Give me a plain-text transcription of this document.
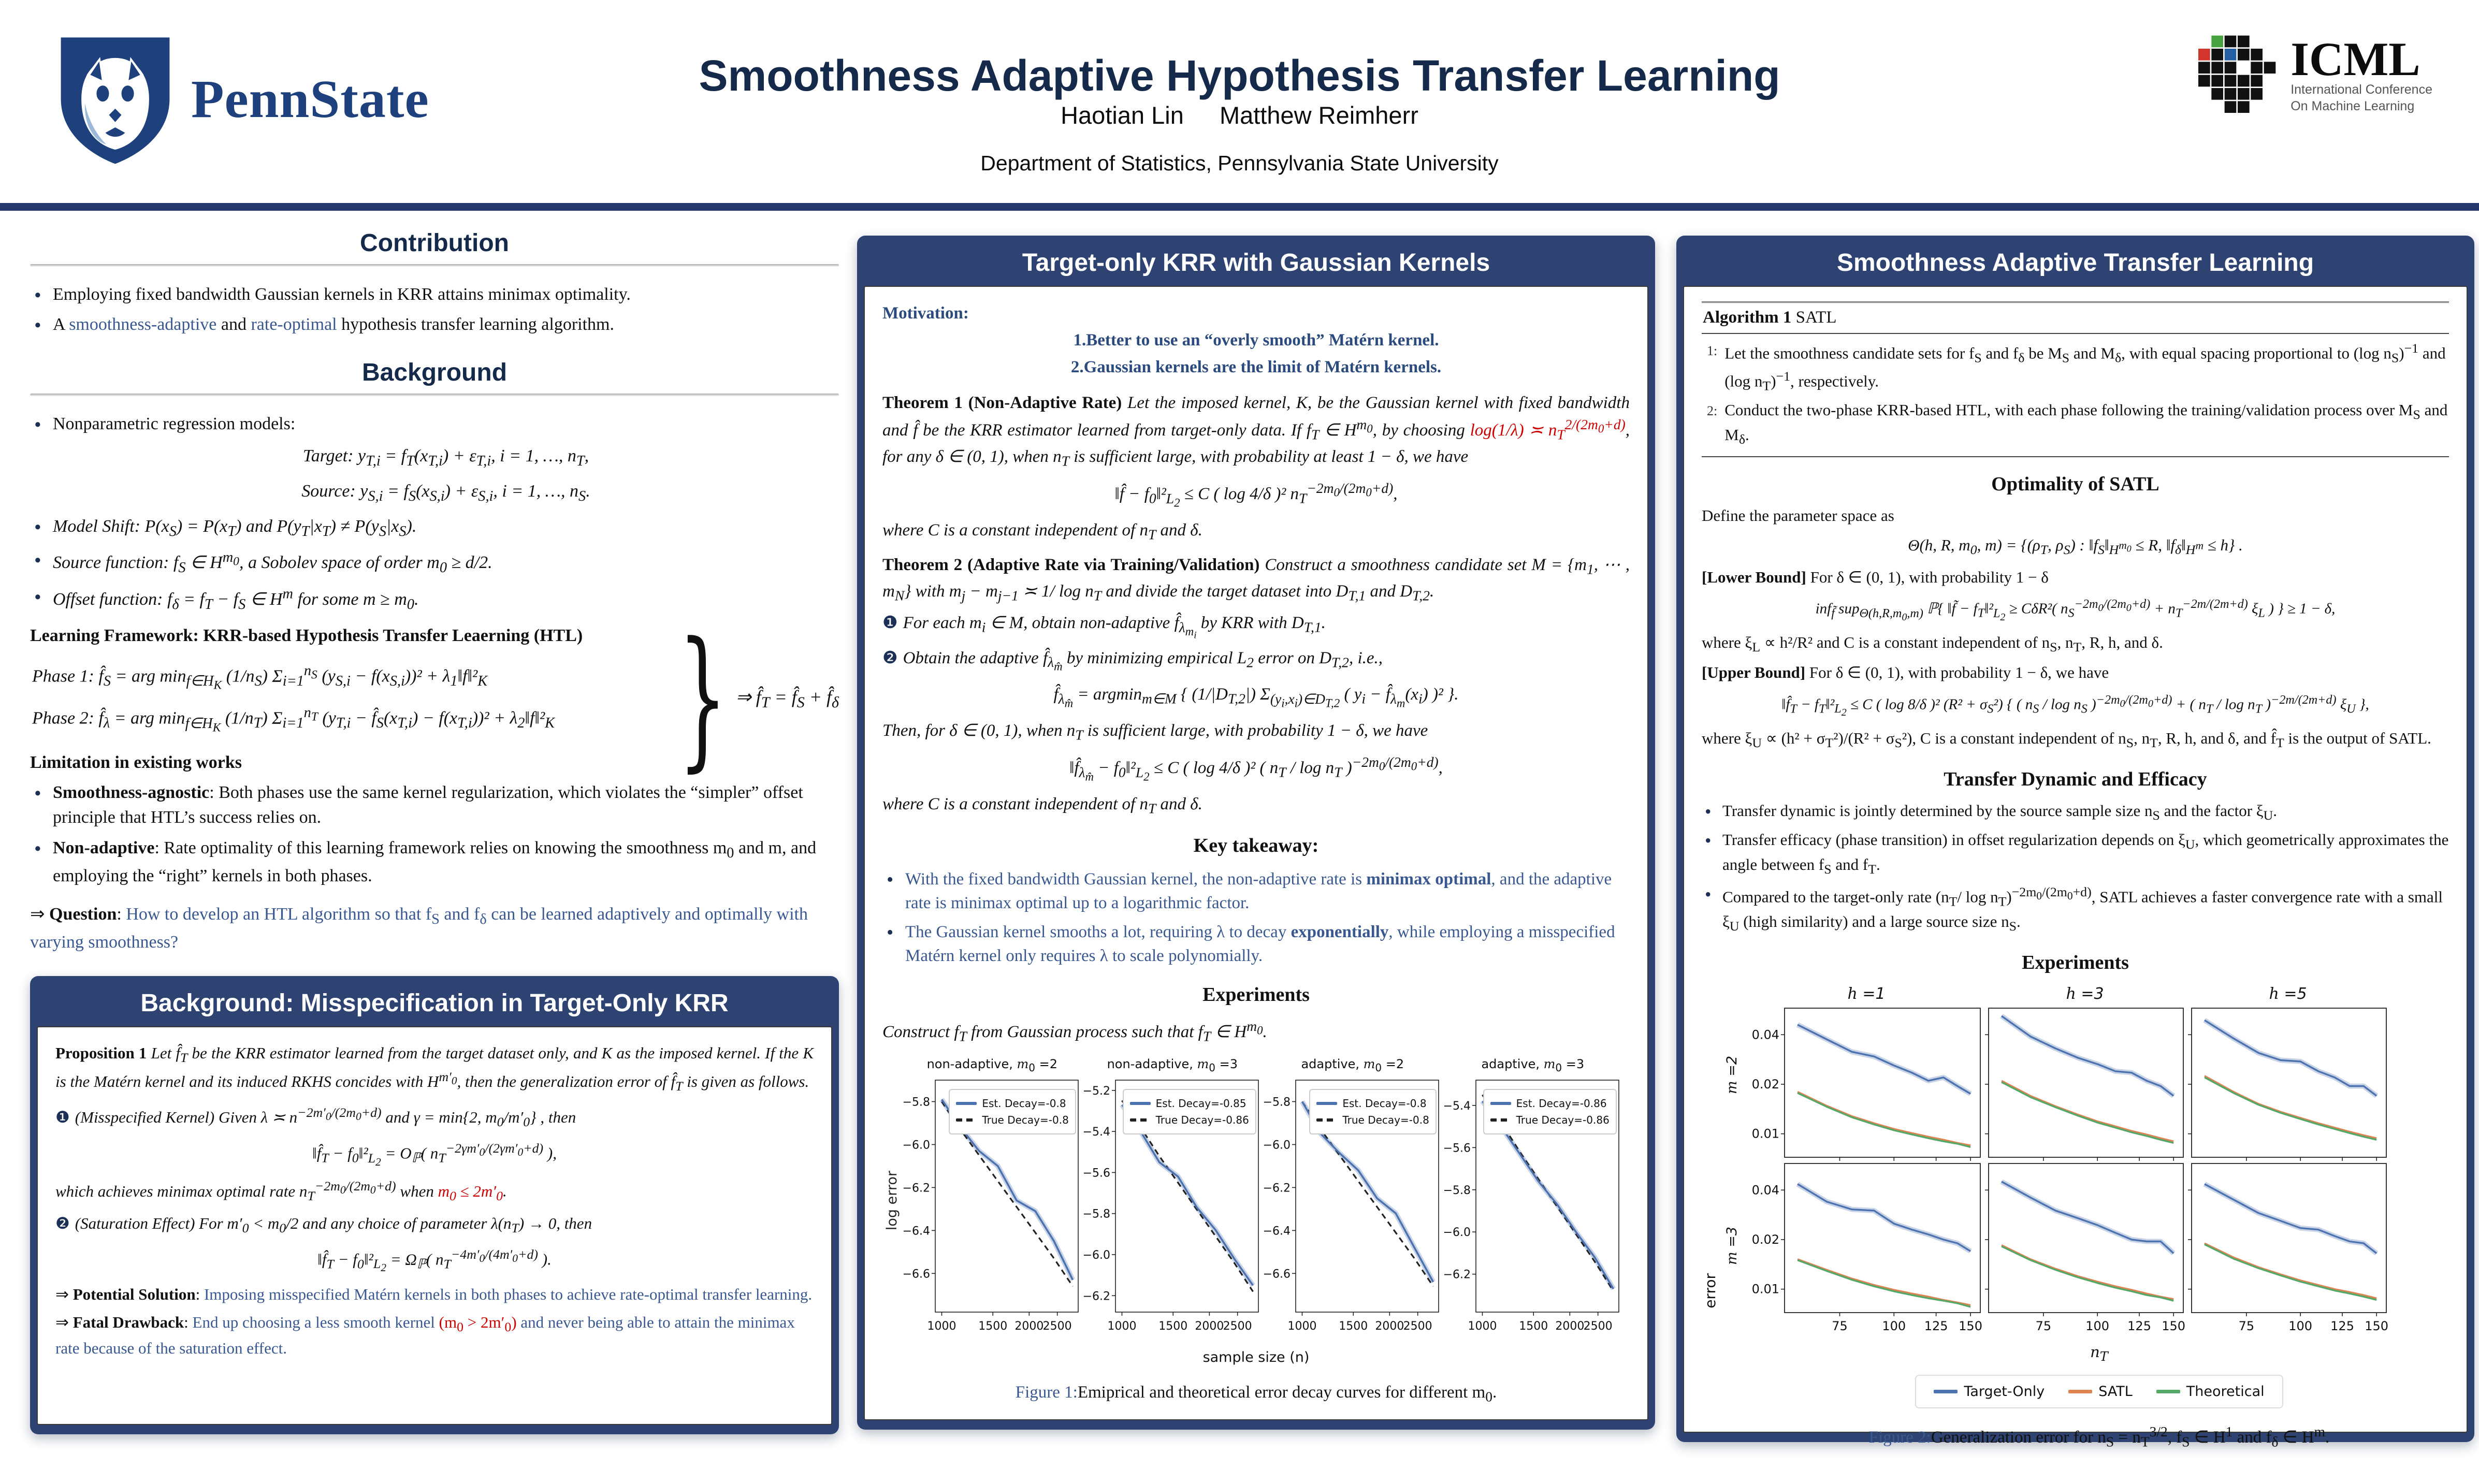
PennState	Smoothness Adaptive Hypothesis Transfer Learning
Haotian Lin Matthew Reimherr
Department of Statistics, Pennsylvania State University
ICML
International Conference
On Machine Learning
Contribution
• Employing fixed bandwidth Gaussian kernels in KRR attains minimax optimality.
• A smoothness-adaptive and rate-optimal hypothesis transfer learning algorithm.
Background
• Nonparametric regression models:
Target: $y_{T,i} = f_T(x_{T,i}) + \varepsilon_{T,i}$, i = 1, …, $n_T$,
Source: $y_{S,i} = f_S(x_{S,i}) + \varepsilon_{S,i}$, i = 1, …, $n_S$.
• Model Shift: $P(x_S) = P(x_T)$ and $P(y_T|x_T) \ne P(y_S|x_S)$.
• Source function: $f_S$ ∈ $H^{m_0}$, a Sobolev space of order $m_0 \ge d/2$.
• Offset function: $f_\delta = f_T - f_S$ ∈ $H^m$ for some $m \ge m_0$.
Learning Framework: KRR-based Hypothesis Transfer Leaerning (HTL)
Phase 1: $f̂_S$ = arg $\min_{f\in H_K} (1/n_S)$ $\Sigma_{i=1}^{n_S}$ $(y_{S,i} - f(x_{S,i}))^2$ + $\lambda_1‖f‖^2_K$
Phase 2: $f̂_\lambda$ = arg $\min_{f\in H_K} (1/n_T)$ $\Sigma_{i=1}^{n_T}$ ($y_{T,i}$ − $f̂_S(x_{T,i}) - f(x_{T,i}))^2$ + $\lambda_2‖f‖^2_K$	} ⇒ $f̂_T$ = $f̂_S$ + $f̂_\delta$
Limitation in existing works
• Smoothness-agnostic: Both phases use the same kernel regularization, which violates the “simpler” offset principle that HTL’s success relies on.
• Non-adaptive: Rate optimality of this learning framework relies on knowing the smoothness $m_0$ and m, and employing the “right” kernels in both phases.
⇒ Question: How to develop an HTL algorithm so that $f_S$ and $f_\delta$ can be learned adaptively and optimally with varying smoothness?
Background: Misspecification in Target-Only KRR
Proposition 1 Let $f̂_T$ be the KRR estimator learned from the target dataset only, and K as the imposed kernel. If the K is the Matérn kernel and its induced RKHS concides with $H^{m'_0}$, then the generalization error of $f̂_T$ is given as follows.
❶ (Misspecified Kernel) Given λ ≍ $n^{-2m'_0/(2m_0+d)}$ and γ = min{2, $m_0/m'_0$} , then
$‖f̂_T$ − $f_0‖^2_{L_2} = O_ℙ$( $n_T^{-2\gamma m'_0/(2\gamma m'_0+d)}$ ),
which achieves minimax optimal rate $n_T^{-2m_0/(2m_0+d)}$ when $m_0 \le 2m'_0$.
❷ (Saturation Effect) For $m'_0 < m_0/2$ and any choice of parameter $\lambda(n_T) \to 0$, then
$‖f̂_T$ − $f_0‖^2_{L_2} = \Omega_ℙ$( $n_T^{-4m'_0/(4m'_0+d)}$ ).
⇒ Potential Solution: Imposing misspecified Matérn kernels in both phases to achieve rate-optimal transfer learning.
⇒ Fatal Drawback: End up choosing a less smooth kernel $(m_0 > 2m'_0)$ and never being able to attain the minimax rate because of the saturation effect.
Target-only KRR with Gaussian Kernels
Motivation:
1.Better to use an “overly smooth” Matérn kernel.
2.Gaussian kernels are the limit of Matérn kernels.
Theorem 1 (Non-Adaptive Rate) Let the imposed kernel, K, be the Gaussian kernel with fixed bandwidth and f̂ be the KRR estimator learned from target-only data. If $f_T$ ∈ $H^{m_0}$, by choosing log(1/λ) ≍ $n_T^{2/(2m_0+d)}$, for any δ ∈ (0, 1), when $n_T$ is sufficient large, with probability at least 1 − δ, we have
‖f̂ − $f_0‖^2_{L_2} \le C$ ( log 4/δ )² $n_T^{-2m_0/(2m_0+d)}$,
where C is a constant independent of $n_T$ and δ.
Theorem 2 (Adaptive Rate via Training/Validation) Construct a smoothness candidate set $M = \{m_1$, ⋯ , $m_N$} with $m_j - m_{j-1}$ ≍ 1/ $\log n_T$ and divide the target dataset into $D_{T,1}$ and $D_{T,2}$.
❶ For each $m_i$ ∈ M, obtain non-adaptive $f̂_{\lambda_{m_i}}$ by KRR with $D_{T,1}$.
❷ Obtain the adaptive $f̂_{\lambda_{m̂}}$ by minimizing empirical $L_2$ error on $D_{T,2}$, i.e.,
$f̂_{\lambda_{m̂}} = argmin_{m\in M}$ { $(1/|D_{T,2}|)$ $\Sigma_{(y_i,x_i)\in D_{T,2}}$ ( $y_i$ − $f̂_{\lambda_m}(x_i)$ )² }.
Then, for δ ∈ (0, 1), when $n_T$ is sufficient large, with probability 1 − δ, we have
$‖f̂_{\lambda_{m̂}}$ − $f_0‖^2_{L_2} \le C$ ( log 4/δ )² ( $n_T$ / $\log n_T$ )$^{-2m_0/(2m_0+d)}$,
where C is a constant independent of $n_T$ and δ.
Key takeaway:
• With the fixed bandwidth Gaussian kernel, the non-adaptive rate is minimax optimal, and the adaptive rate is minimax optimal up to a logarithmic factor.
• The Gaussian kernel smooths a lot, requiring λ to decay exponentially, while employing a misspecified Matérn kernel only requires λ to scale polynomially.
Experiments
Construct $f_T$ from Gaussian process such that $f_T$ ∈ $H^{m_0}$.
log error
non-adaptive, $m_0 =2$
−5.8
−6.0
−6.2
−6.4
−6.6
1000 1500 2000
2500
Est. Decay=-0.8
True Decay=-0.8
non-adaptive, $m_0 =3$
−5.2
−5.4
−5.6
−5.8
−6.0
−6.2
1000 1500 2000
2500
Est. Decay=-0.85
True Decay=-0.86
adaptive, $m_0 =2$
−5.8
−6.0
−6.2
−6.4
−6.6
1000 1500 2000
2500
Est. Decay=-0.8
True Decay=-0.8
adaptive, $m_0 =3$
−5.4
−5.6
−5.8
−6.0
−6.2
1000 1500 2000
2500
Est. Decay=-0.86
True Decay=-0.86
sample size (n)
Figure 1:Emiprical and theoretical error decay curves for different $m_0$.
Smoothness Adaptive Transfer Learning
Algorithm 1 SATL
1: Let the smoothness candidate sets for $f_S$ and $f_\delta$ be $M_S$ and $M_\delta$, with equal spacing proportional to (log $n_S)^{-1}$ and (log $n_T)^{-1}$, respectively.
2: Conduct the two-phase KRR-based HTL, with each phase following the training/validation process over $M_S$ and $M_\delta$.
Optimality of SATL
Define the parameter space as
Θ(h, R, $m_0$, $m) = \{(\rho_T$, $\rho_S$) : $‖f_S‖_{H^{m_0}} \le R$, $‖f_\delta‖_{H^m} \le h$} .
[Lower Bound] For δ ∈ (0, 1), with probability 1 − δ
inf$_{f̃}$ sup$_{\Theta(h,R,m_0,m)}$ ℙ{ ‖f̃ − $f_T‖^2_{L_2} \ge C\delta R^2$( $n_S^{-2m_0/(2m_0+d)} + n_T^{-2m/(2m+d)}$ $\xi_L$ ) } ≥ 1 − δ,
where $\xi_L \propto h^2/R^2$ and C is a constant independent of $n_S$, $n_T$, R, h, and δ.
[Upper Bound] For δ ∈ (0, 1), with probability 1 − δ, we have
$‖f̂_T$ − $f_T‖^2_{L_2} \le C$ ( log 8/δ )² $(R^2 + \sigma_S^2)$ { ( $n_S$ / $\log n_S$ )$^{-2m_0/(2m_0+d)}$ + ( $n_T$ / $\log n_T$ )$^{-2m/(2m+d)}$ $\xi_U$ },
where $\xi_U \propto (h^2 + \sigma_T^2)/(R^2 + \sigma_S^2)$, C is a constant independent of $n_S$, $n_T$, R, h, and δ, and $f̂_T$ is the output of SATL.
Transfer Dynamic and Efficacy
• Transfer dynamic is jointly determined by the source sample size $n_S$ and the factor $\xi_U$.
• Transfer efficacy (phase transition) in offset regularization depends on $\xi_U$, which geometrically approximates the angle between $f_S$ and $f_T$.
• Compared to the target-only rate ($n_T/$ $\log n_T)^{-2m_0/(2m_0+d)}$, SATL achieves a faster convergence rate with a small $\xi_U$ (high similarity) and a large source size $n_S$.
Experiments
error
h =1	h =3	h =5
0.01
0.02
0.04
0.01
0.02
0.04
75	100 125 150	75	100 125 150	75	100 125 150
$n_T$
Target-Only	SATL	Theoretical
Figure 2:Generalization error for $n_S = n_T^{3/2}$, $f_S$ ∈ $H^1$ and $f_\delta$ ∈ $H^m$.
m =2
m =3
